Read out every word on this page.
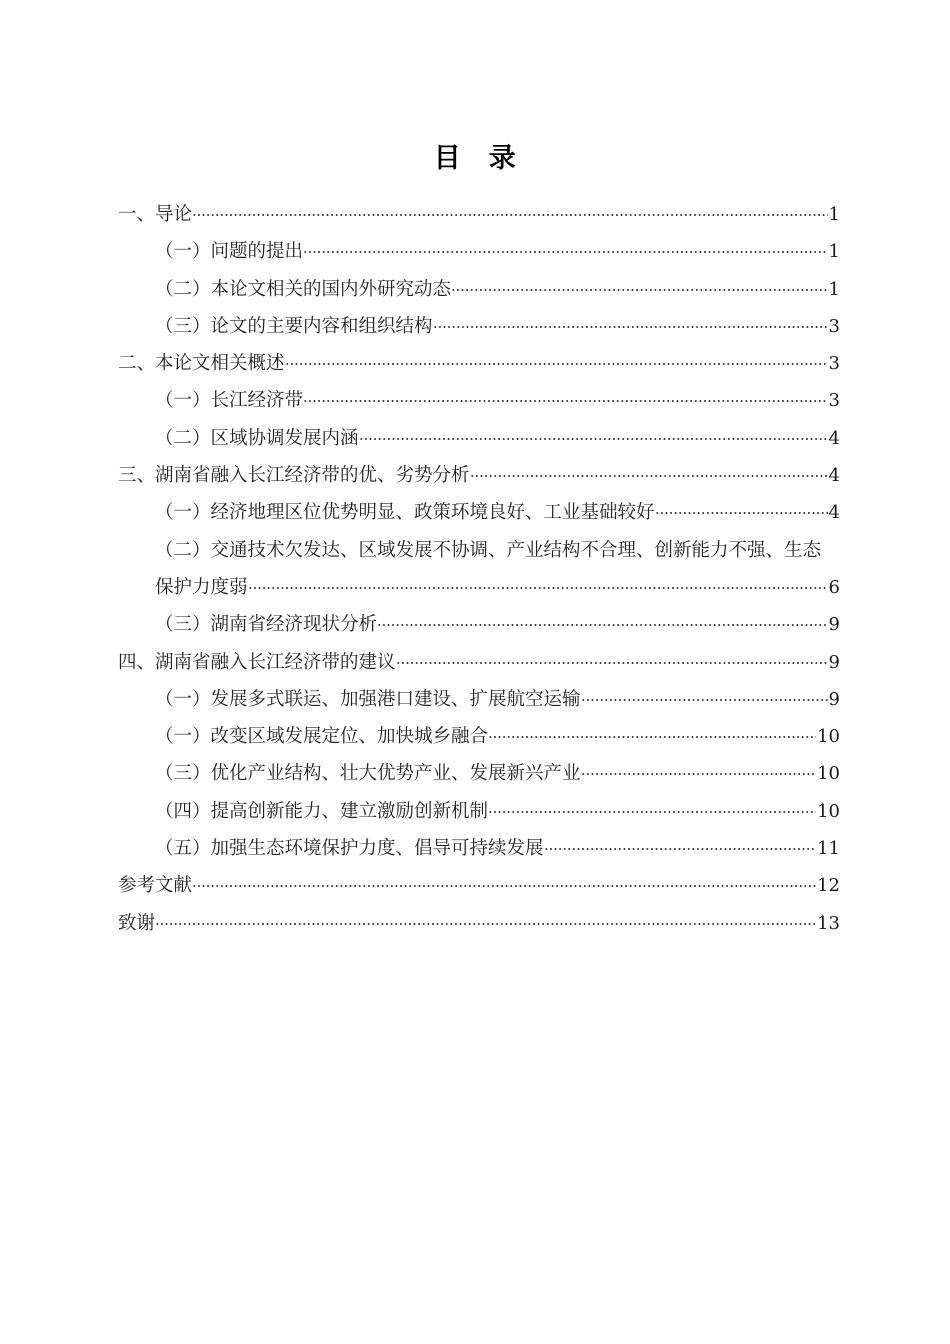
目　录
一、导论	1
（一）问题的提出	1
（二）本论文相关的国内外研究动态	1
（三）论文的主要内容和组织结构	3
二、本论文相关概述	3
（一）长江经济带	3
（二）区域协调发展内涵	4
三、湖南省融入长江经济带的优、劣势分析	4
（一）经济地理区位优势明显、政策环境良好、工业基础较好	4
（二）交通技术欠发达、区域发展不协调、产业结构不合理、创新能力不强、生态
保护力度弱	6
（三）湖南省经济现状分析	9
四、湖南省融入长江经济带的建议	9
（一）发展多式联运、加强港口建设、扩展航空运输	9
（一）改变区域发展定位、加快城乡融合	10
（三）优化产业结构、壮大优势产业、发展新兴产业	10
（四）提高创新能力、建立激励创新机制	10
（五）加强生态环境保护力度、倡导可持续发展	11
参考文献	12
致谢	13
